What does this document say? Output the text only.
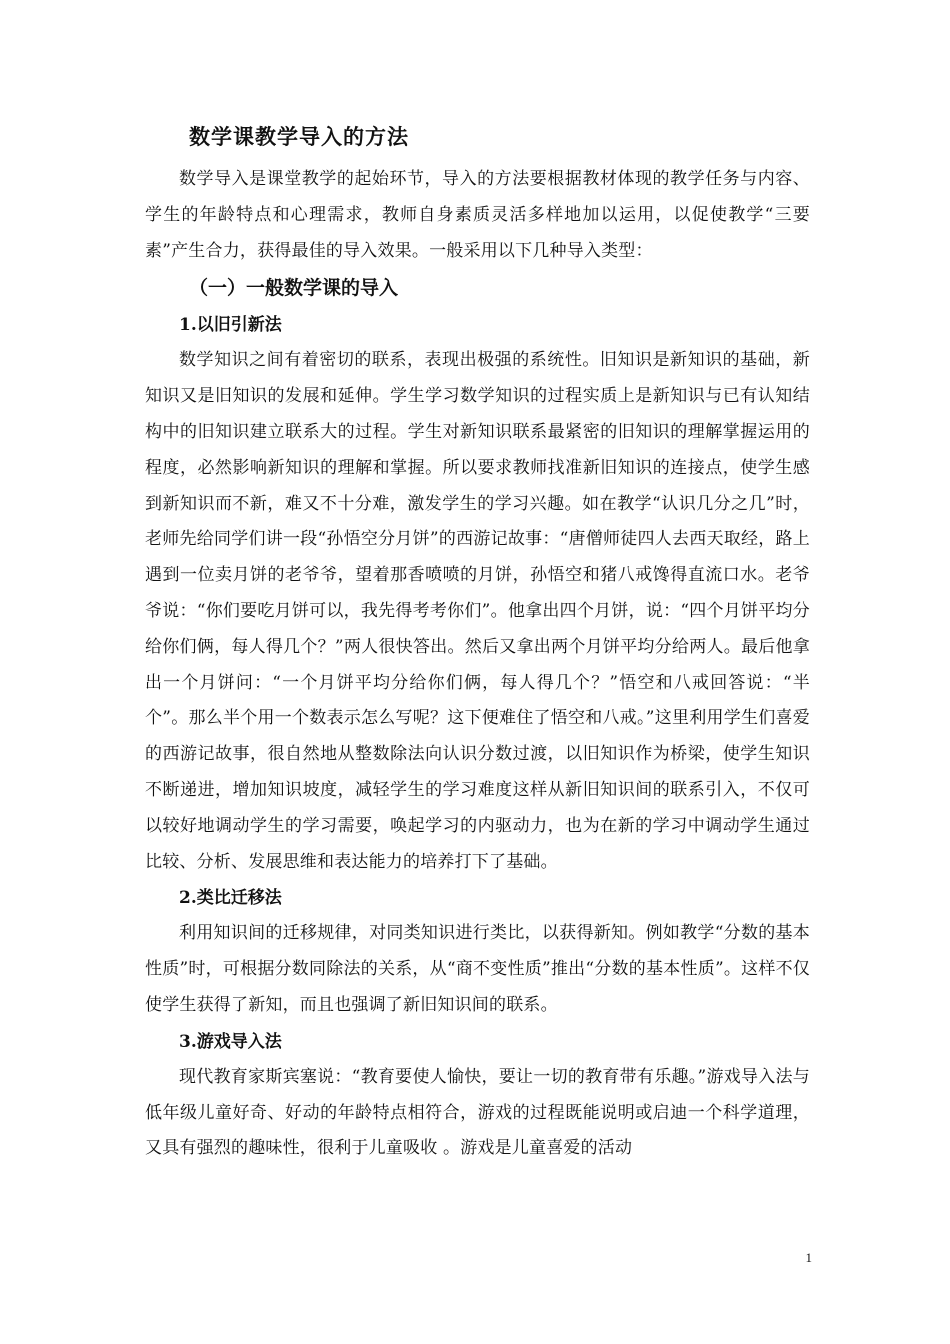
数学课教学导入的方法

数学导入是课堂教学的起始环节，导入的方法要根据教材体现的教学任务与内容、学生的年龄特点和心理需求，教师自身素质灵活多样地加以运用，以促使教学“三要素”产生合力，获得最佳的导入效果。一般采用以下几种导入类型：

（一）一般数学课的导入
1.以旧引新法

数学知识之间有着密切的联系，表现出极强的系统性。旧知识是新知识的基础，新知识又是旧知识的发展和延伸。学生学习数学知识的过程实质上是新知识与已有认知结构中的旧知识建立联系大的过程。学生对新知识联系最紧密的旧知识的理解掌握运用的程度，必然影响新知识的理解和掌握。所以要求教师找准新旧知识的连接点，使学生感到新知识而不新，难又不十分难，激发学生的学习兴趣。如在教学“认识几分之几”时，老师先给同学们讲一段“孙悟空分月饼”的西游记故事：“唐僧师徒四人去西天取经，路上遇到一位卖月饼的老爷爷，望着那香喷喷的月饼，孙悟空和猪八戒馋得直流口水。老爷爷说：“你们要吃月饼可以，我先得考考你们”。他拿出四个月饼，说：“四个月饼平均分给你们俩，每人得几个？”两人很快答出。然后又拿出两个月饼平均分给两人。最后他拿出一个月饼问：“一个月饼平均分给你们俩，每人得几个？”悟空和八戒回答说：“半个”。那么半个用一个数表示怎么写呢？这下便难住了悟空和八戒。”这里利用学生们喜爱的西游记故事，很自然地从整数除法向认识分数过渡，以旧知识作为桥梁，使学生知识不断递进，增加知识坡度，减轻学生的学习难度这样从新旧知识间的联系引入，不仅可以较好地调动学生的学习需要，唤起学习的内驱动力，也为在新的学习中调动学生通过比较、分析、发展思维和表达能力的培养打下了基础。

2.类比迁移法

利用知识间的迁移规律，对同类知识进行类比，以获得新知。例如教学“分数的基本性质”时，可根据分数同除法的关系，从“商不变性质”推出“分数的基本性质”。这样不仅使学生获得了新知，而且也强调了新旧知识间的联系。

3.游戏导入法

现代教育家斯宾塞说：“教育要使人愉快，要让一切的教育带有乐趣。”游戏导入法与低年级儿童好奇、好动的年龄特点相符合，游戏的过程既能说明或启迪一个科学道理，又具有强烈的趣味性，很利于儿童吸收 。游戏是儿童喜爱的活动

1
